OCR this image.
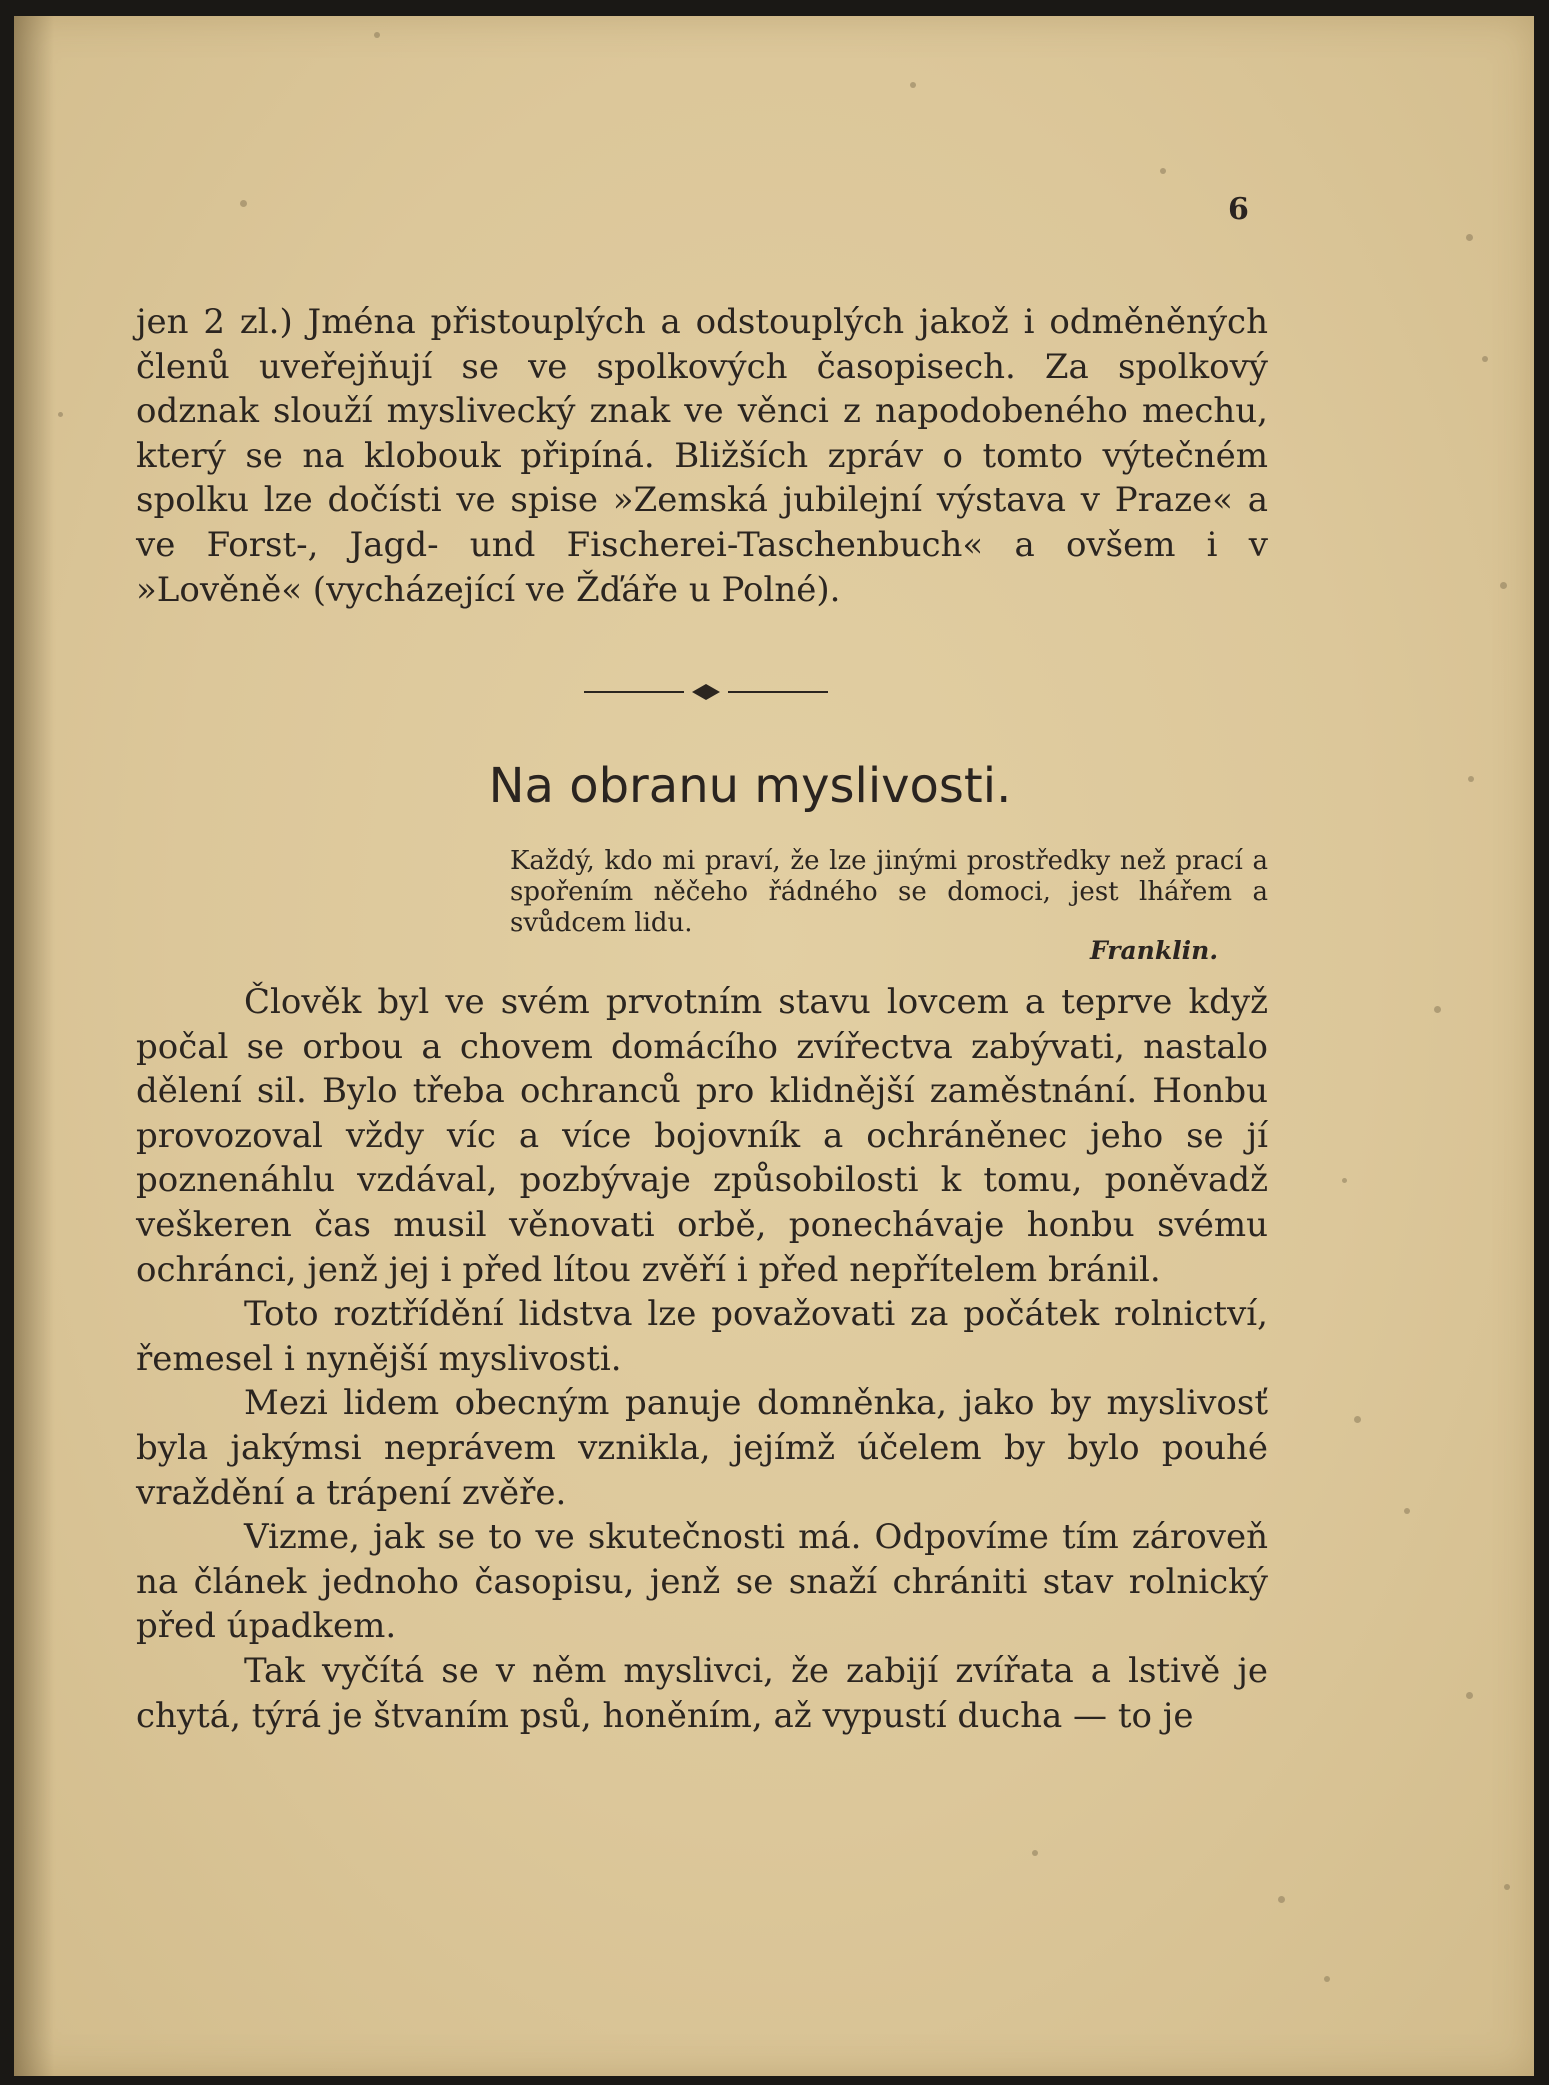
6

jen 2 zl.) Jména přistouplých a odstouplých jakož i odměněných členů uveřejňují se ve spolkových časopisech. Za spolkový odznak slouží myslivecký znak ve věnci z napodobeného mechu, který se na klobouk připíná. Bližších zpráv o tomto výtečném spolku lze dočísti ve spise »Zemská jubilejní výstava v Praze« a ve Forst-, Jagd- und Fischerei-Taschenbuch« a ovšem i v »Lověně« (vycházející ve Žďáře u Polné).

Na obranu myslivosti.

Každý, kdo mi praví, že lze jinými prostředky než prací a spořením něčeho řádného se domoci, jest lhářem a svůdcem lidu.

Franklin.

Člověk byl ve svém prvotním stavu lovcem a teprve když počal se orbou a chovem domácího zvířectva zabývati, nastalo dělení sil. Bylo třeba ochranců pro klidnější zaměstnání. Honbu provozoval vždy víc a více bojovník a ochráněnec jeho se jí poznenáhlu vzdával, pozbývaje způsobilosti k tomu, poněvadž veškeren čas musil věnovati orbě, ponechávaje honbu svému ochránci, jenž jej i před lítou zvěří i před nepřítelem bránil.

Toto roztřídění lidstva lze považovati za počátek rolnictví, řemesel i nynější myslivosti.

Mezi lidem obecným panuje domněnka, jako by myslivosť byla jakýmsi neprávem vznikla, jejímž účelem by bylo pouhé vraždění a trápení zvěře.

Vizme, jak se to ve skutečnosti má. Odpovíme tím zároveň na článek jednoho časopisu, jenž se snaží chrániti stav rolnický před úpadkem.

Tak vyčítá se v něm myslivci, že zabijí zvířata a lstivě je chytá, týrá je štvaním psů, honěním, až vypustí ducha — to je
